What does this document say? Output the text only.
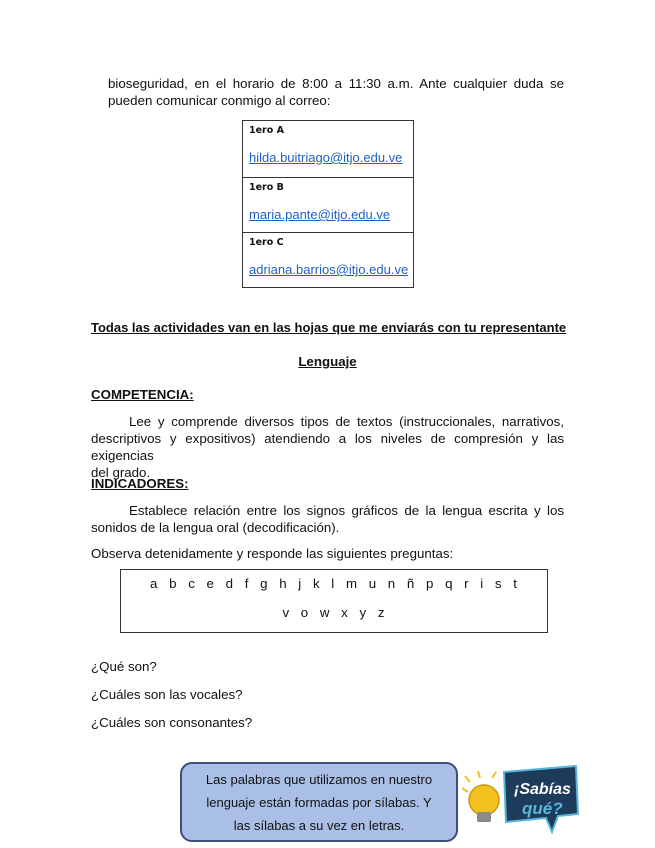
bioseguridad, en el horario de 8:00 a 11:30 a.m. Ante cualquier duda se
pueden comunicar conmigo al correo:
1ero A
hilda.buitriago@itjo.edu.ve
1ero B
maria.pante@itjo.edu.ve
1ero C
adriana.barrios@itjo.edu.ve
Todas las actividades van en las hojas que me enviarás con tu representante
Lenguaje
COMPETENCIA:
Lee y comprende diversos tipos de textos (instruccionales, narrativos,
descriptivos y expositivos) atendiendo a los niveles de compresión y las exigencias
del grado.
INDICADORES:
Establece relación entre los signos gráficos de la lengua escrita y los
sonidos de la lengua oral (decodificación).
Observa detenidamente y responde las siguientes preguntas:
a b c e d f g h j k l m u n ñ p q r i s t
v o w x y z
¿Qué son?
¿Cuáles son las vocales?
¿Cuáles son consonantes?
Las palabras que utilizamos en nuestro
lenguaje están formadas por sílabas. Y
las sílabas a su vez en letras.
¡Sabías
qué?
